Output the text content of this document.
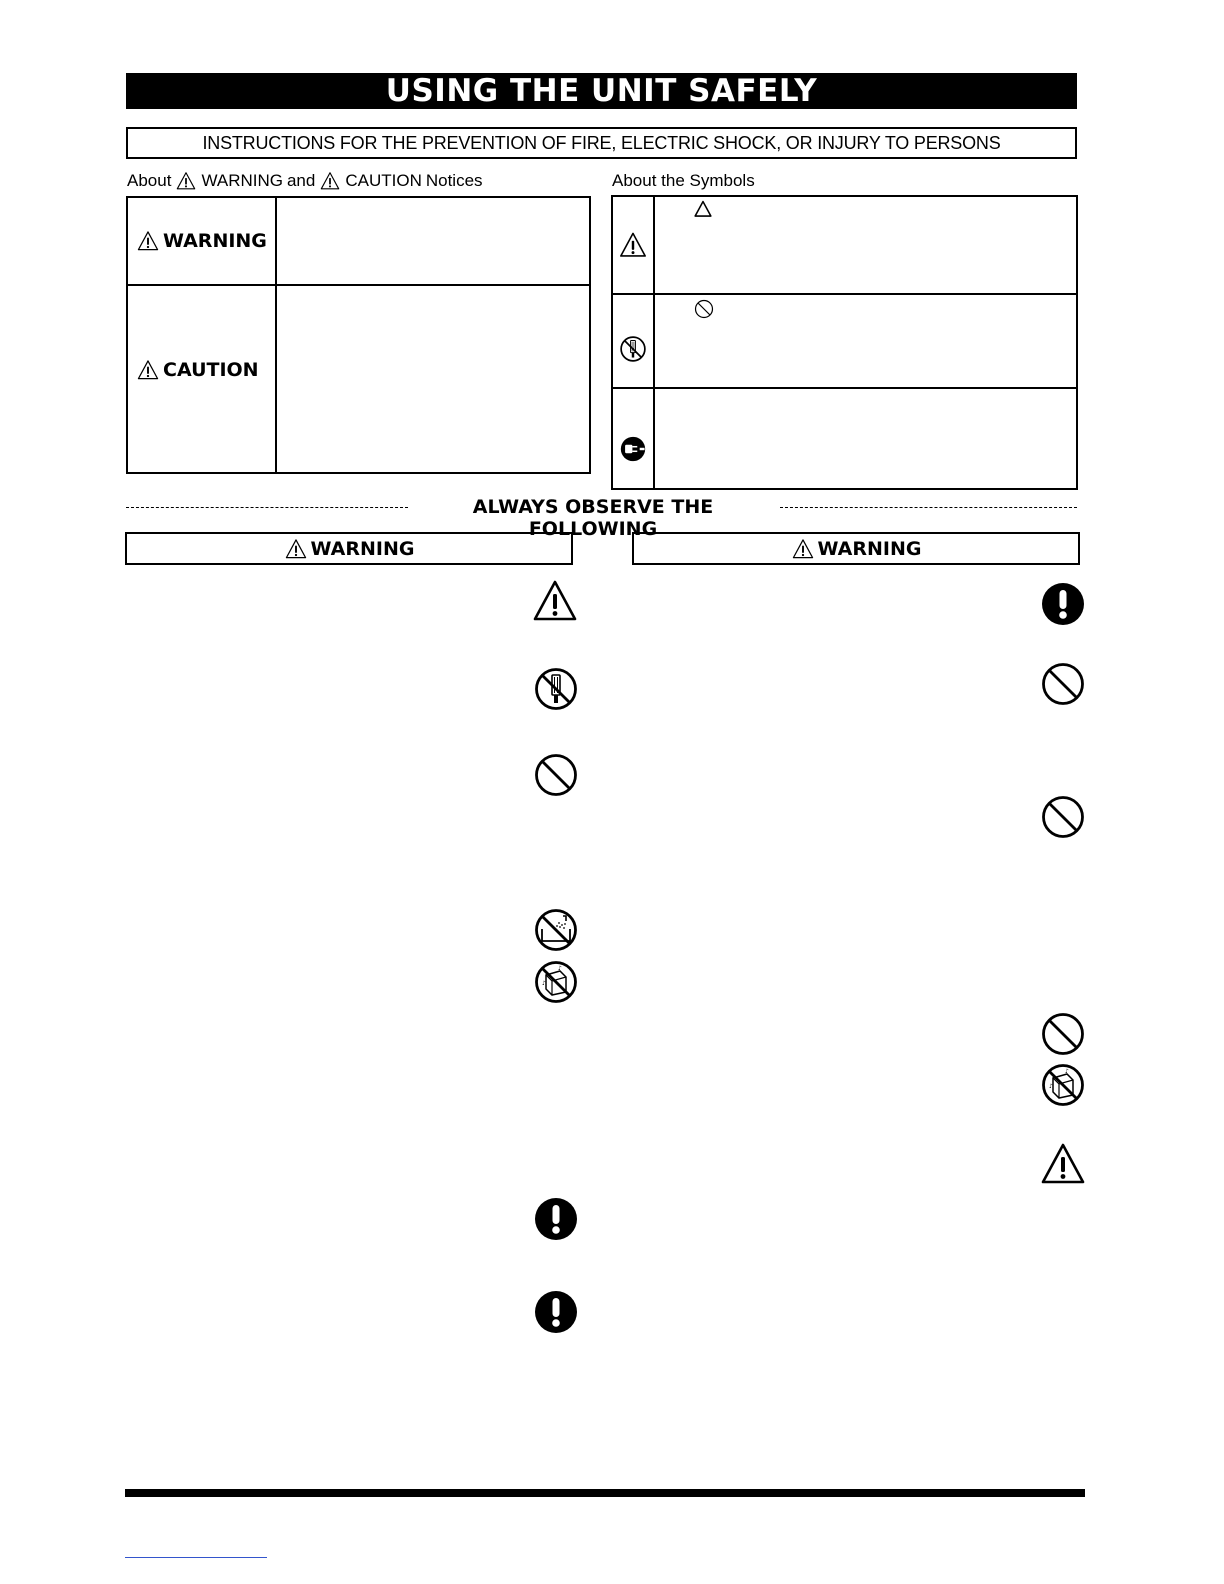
USING THE UNIT SAFELY
INSTRUCTIONS FOR THE PREVENTION OF FIRE, ELECTRIC SHOCK, OR INJURY TO PERSONS
About WARNING and CAUTION Notices
WARNING
CAUTION
About the Symbols
ALWAYS OBSERVE THE FOLLOWING
WARNING	WARNING
